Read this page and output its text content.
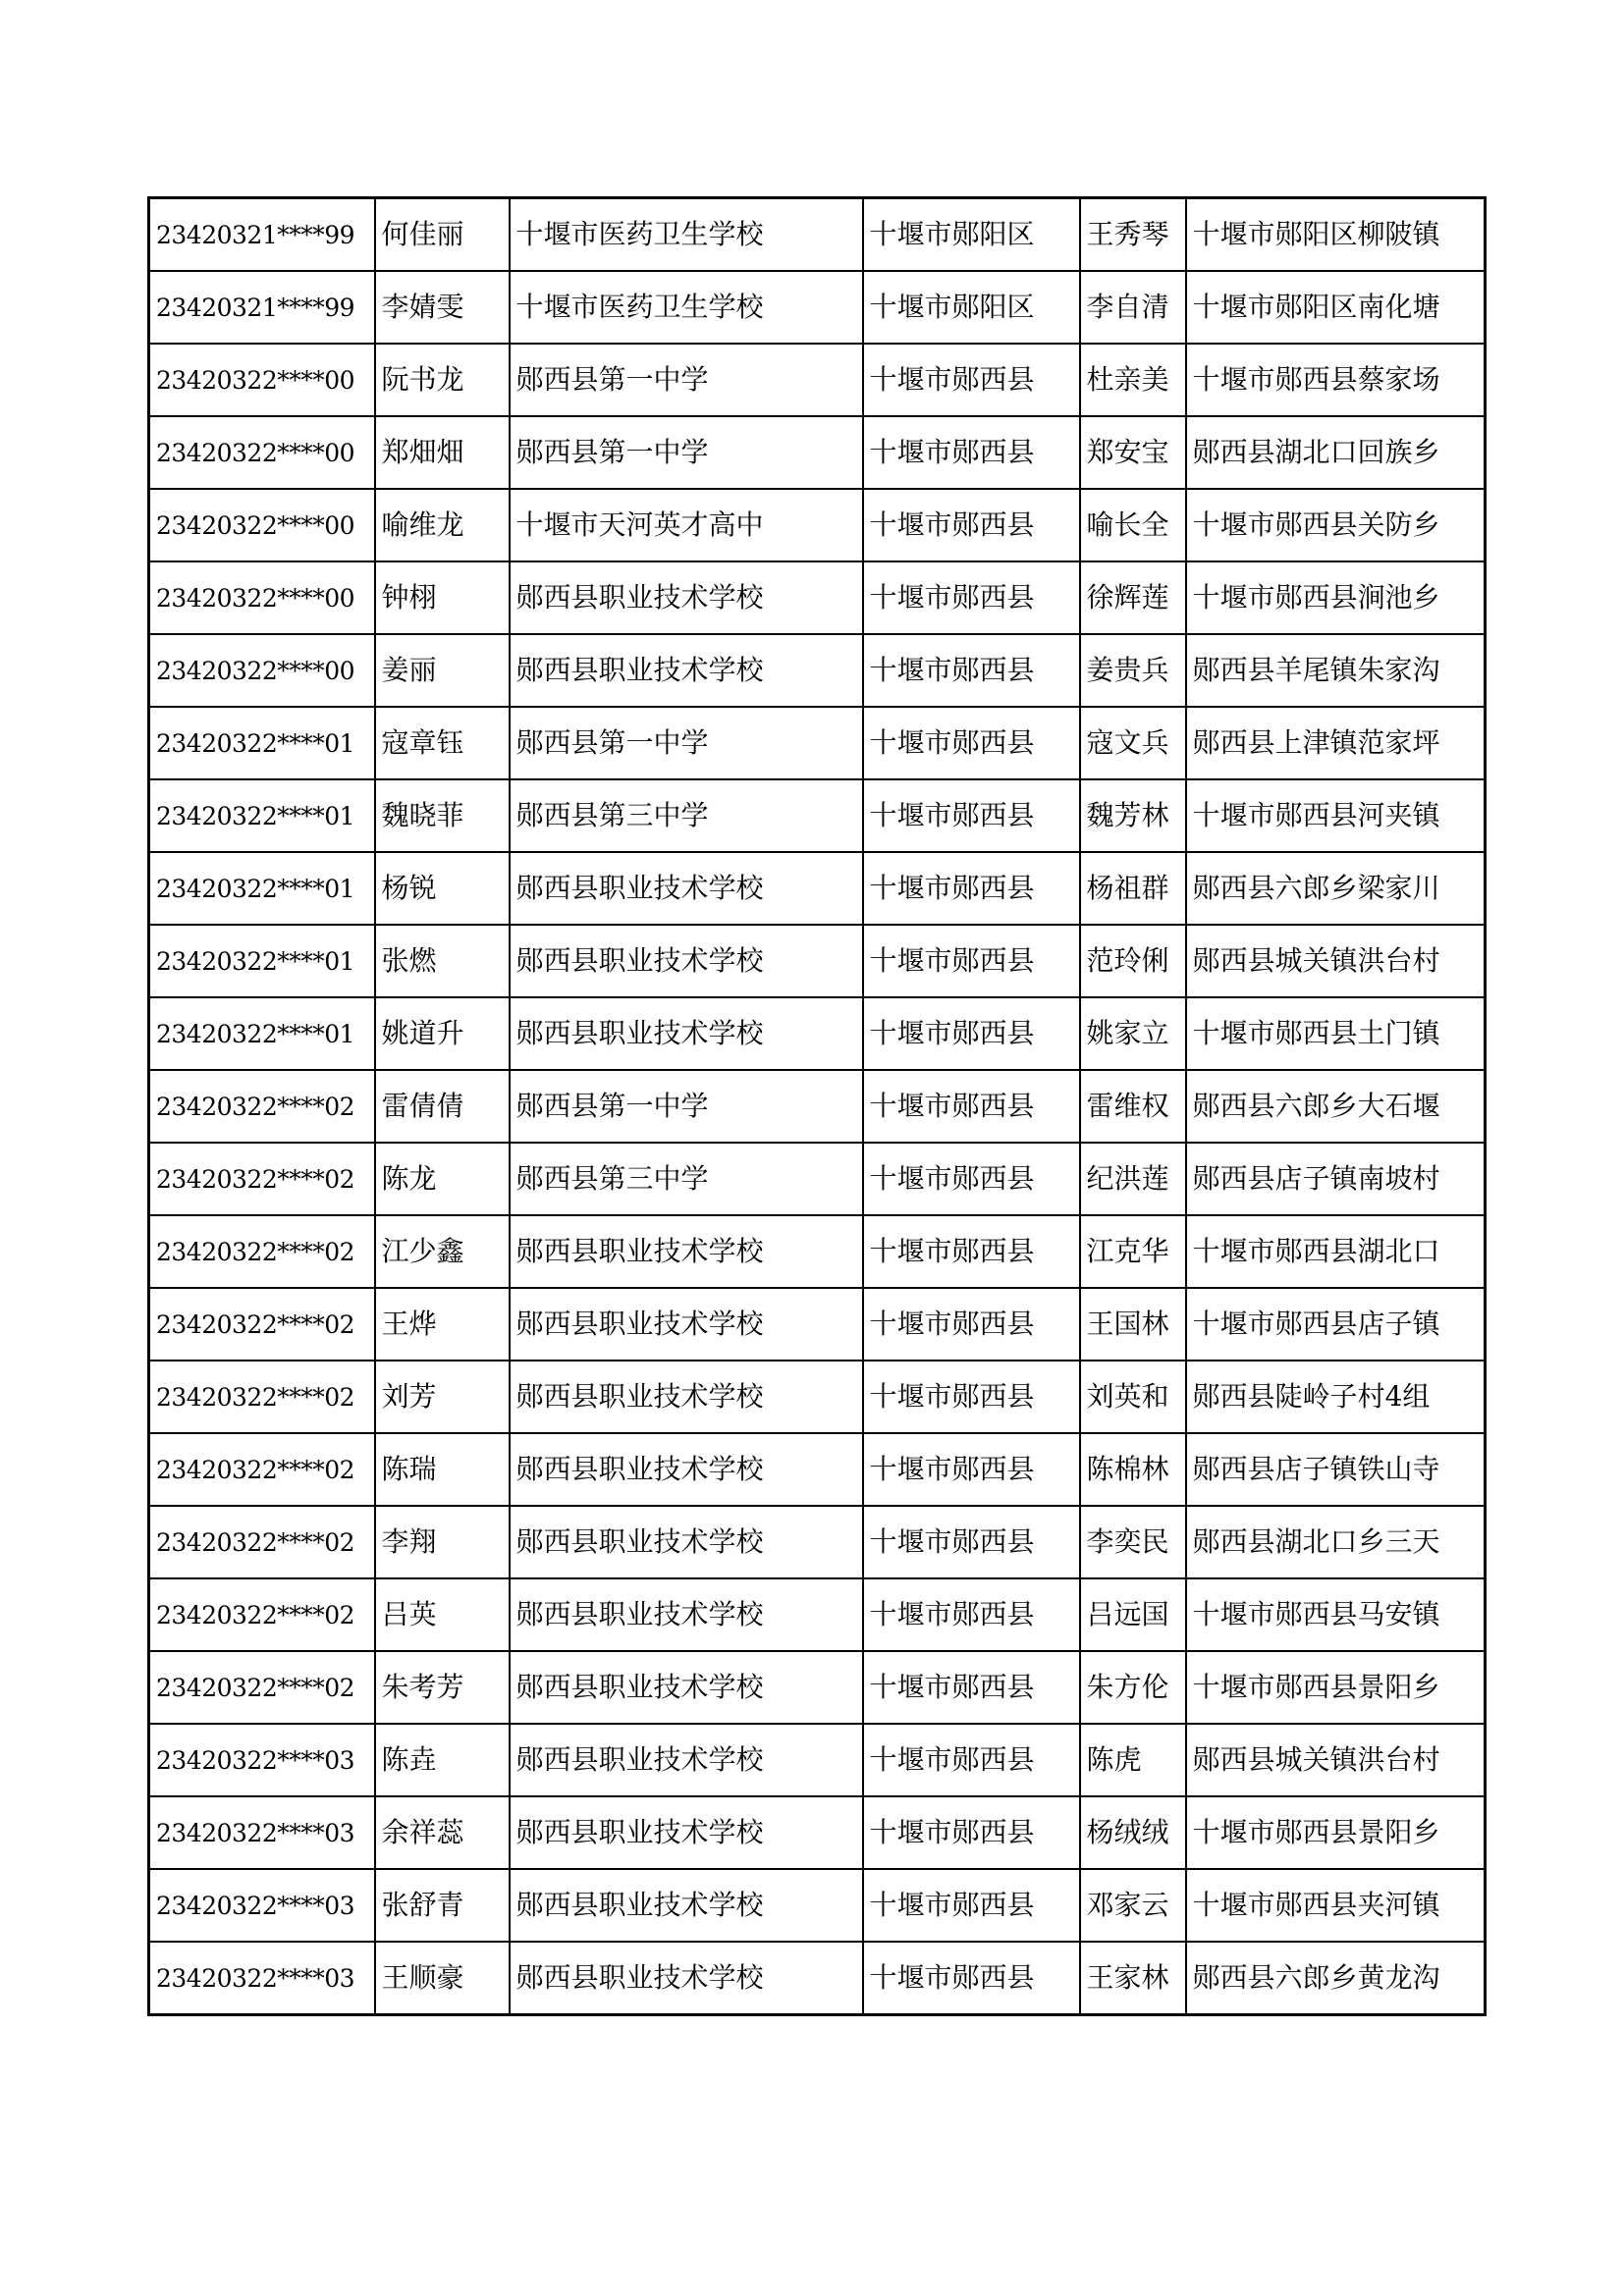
23420321****99	何佳丽	十堰市医药卫生学校	十堰市郧阳区	王秀琴	十堰市郧阳区柳陂镇
23420321****99	李婧雯	十堰市医药卫生学校	十堰市郧阳区	李自清	十堰市郧阳区南化塘
23420322****00	阮书龙	郧西县第一中学	十堰市郧西县	杜亲美	十堰市郧西县蔡家场
23420322****00	郑畑畑	郧西县第一中学	十堰市郧西县	郑安宝	郧西县湖北口回族乡
23420322****00	喻维龙	十堰市天河英才高中	十堰市郧西县	喻长全	十堰市郧西县关防乡
23420322****00	钟栩	郧西县职业技术学校	十堰市郧西县	徐辉莲	十堰市郧西县涧池乡
23420322****00	姜丽	郧西县职业技术学校	十堰市郧西县	姜贵兵	郧西县羊尾镇朱家沟
23420322****01	寇章钰	郧西县第一中学	十堰市郧西县	寇文兵	郧西县上津镇范家坪
23420322****01	魏晓菲	郧西县第三中学	十堰市郧西县	魏芳林	十堰市郧西县河夹镇
23420322****01	杨锐	郧西县职业技术学校	十堰市郧西县	杨祖群	郧西县六郎乡梁家川
23420322****01	张燃	郧西县职业技术学校	十堰市郧西县	范玲俐	郧西县城关镇洪台村
23420322****01	姚道升	郧西县职业技术学校	十堰市郧西县	姚家立	十堰市郧西县土门镇
23420322****02	雷倩倩	郧西县第一中学	十堰市郧西县	雷维权	郧西县六郎乡大石堰
23420322****02	陈龙	郧西县第三中学	十堰市郧西县	纪洪莲	郧西县店子镇南坡村
23420322****02	江少鑫	郧西县职业技术学校	十堰市郧西县	江克华	十堰市郧西县湖北口
23420322****02	王烨	郧西县职业技术学校	十堰市郧西县	王国林	十堰市郧西县店子镇
23420322****02	刘芳	郧西县职业技术学校	十堰市郧西县	刘英和	郧西县陡岭子村4组
23420322****02	陈瑞	郧西县职业技术学校	十堰市郧西县	陈棉林	郧西县店子镇铁山寺
23420322****02	李翔	郧西县职业技术学校	十堰市郧西县	李奕民	郧西县湖北口乡三天
23420322****02	吕英	郧西县职业技术学校	十堰市郧西县	吕远国	十堰市郧西县马安镇
23420322****02	朱考芳	郧西县职业技术学校	十堰市郧西县	朱方伦	十堰市郧西县景阳乡
23420322****03	陈垚	郧西县职业技术学校	十堰市郧西县	陈虎	郧西县城关镇洪台村
23420322****03	余祥蕊	郧西县职业技术学校	十堰市郧西县	杨绒绒	十堰市郧西县景阳乡
23420322****03	张舒青	郧西县职业技术学校	十堰市郧西县	邓家云	十堰市郧西县夹河镇
23420322****03	王顺豪	郧西县职业技术学校	十堰市郧西县	王家林	郧西县六郎乡黄龙沟
